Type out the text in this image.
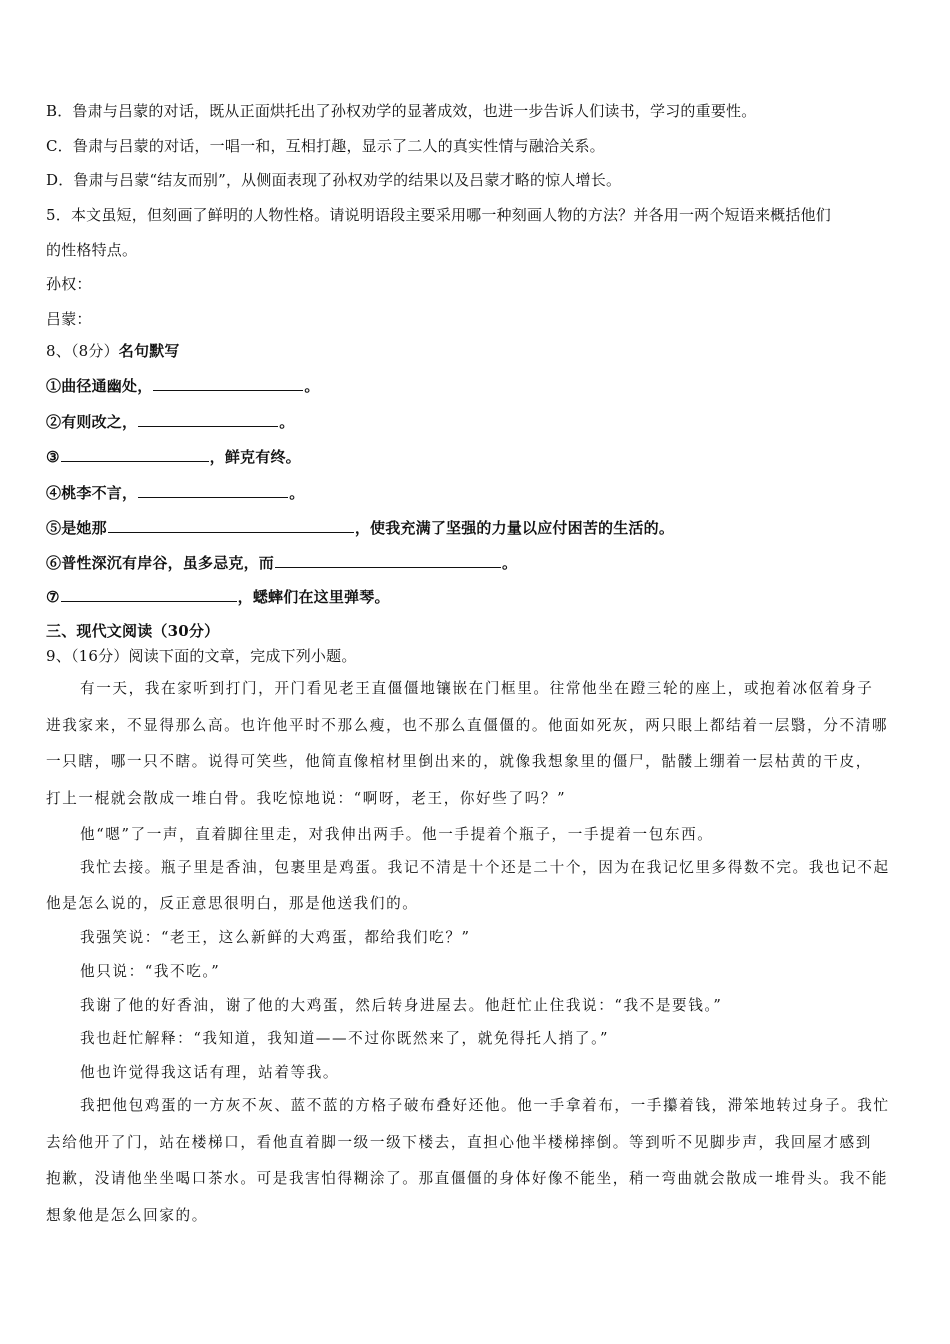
B．鲁肃与吕蒙的对话，既从正面烘托出了孙权劝学的显著成效，也进一步告诉人们读书，学习的重要性。
C．鲁肃与吕蒙的对话，一唱一和，互相打趣，显示了二人的真实性情与融洽关系。
D．鲁肃与吕蒙“结友而别”，从侧面表现了孙权劝学的结果以及吕蒙才略的惊人增长。
5．本文虽短，但刻画了鲜明的人物性格。请说明语段主要采用哪一种刻画人物的方法？并各用一两个短语来概括他们
的性格特点。
孙权：
吕蒙：
8、（8分）名句默写
①曲径通幽处，	。
②有则改之，	。
③	，鲜克有终。
④桃李不言，	。
⑤是她那	，使我充满了坚强的力量以应付困苦的生活的。
⑥普性深沉有岸谷，虽多忌克，而	。
⑦	，蟋蟀们在这里弹琴。
三、现代文阅读（30分）
9、（16分）阅读下面的文章，完成下列小题。
有一天，我在家听到打门，开门看见老王直僵僵地镶嵌在门框里。往常他坐在蹬三轮的座上，或抱着冰伛着身子
进我家来，不显得那么高。也许他平时不那么瘦，也不那么直僵僵的。他面如死灰，两只眼上都结着一层翳，分不清哪
一只瞎，哪一只不瞎。说得可笑些，他简直像棺材里倒出来的，就像我想象里的僵尸，骷髅上绷着一层枯黄的干皮，
打上一棍就会散成一堆白骨。我吃惊地说：“啊呀，老王，你好些了吗？”
他“嗯”了一声，直着脚往里走，对我伸出两手。他一手提着个瓶子，一手提着一包东西。
我忙去接。瓶子里是香油，包裹里是鸡蛋。我记不清是十个还是二十个，因为在我记忆里多得数不完。我也记不起
他是怎么说的，反正意思很明白，那是他送我们的。
我强笑说：“老王，这么新鲜的大鸡蛋，都给我们吃？”
他只说：“我不吃。”
我谢了他的好香油，谢了他的大鸡蛋，然后转身进屋去。他赶忙止住我说：“我不是要钱。”
我也赶忙解释：“我知道，我知道——不过你既然来了，就免得托人捎了。”
他也许觉得我这话有理，站着等我。
我把他包鸡蛋的一方灰不灰、蓝不蓝的方格子破布叠好还他。他一手拿着布，一手攥着钱，滞笨地转过身子。我忙
去给他开了门，站在楼梯口，看他直着脚一级一级下楼去，直担心他半楼梯摔倒。等到听不见脚步声，我回屋才感到
抱歉，没请他坐坐喝口茶水。可是我害怕得糊涂了。那直僵僵的身体好像不能坐，稍一弯曲就会散成一堆骨头。我不能
想象他是怎么回家的。
